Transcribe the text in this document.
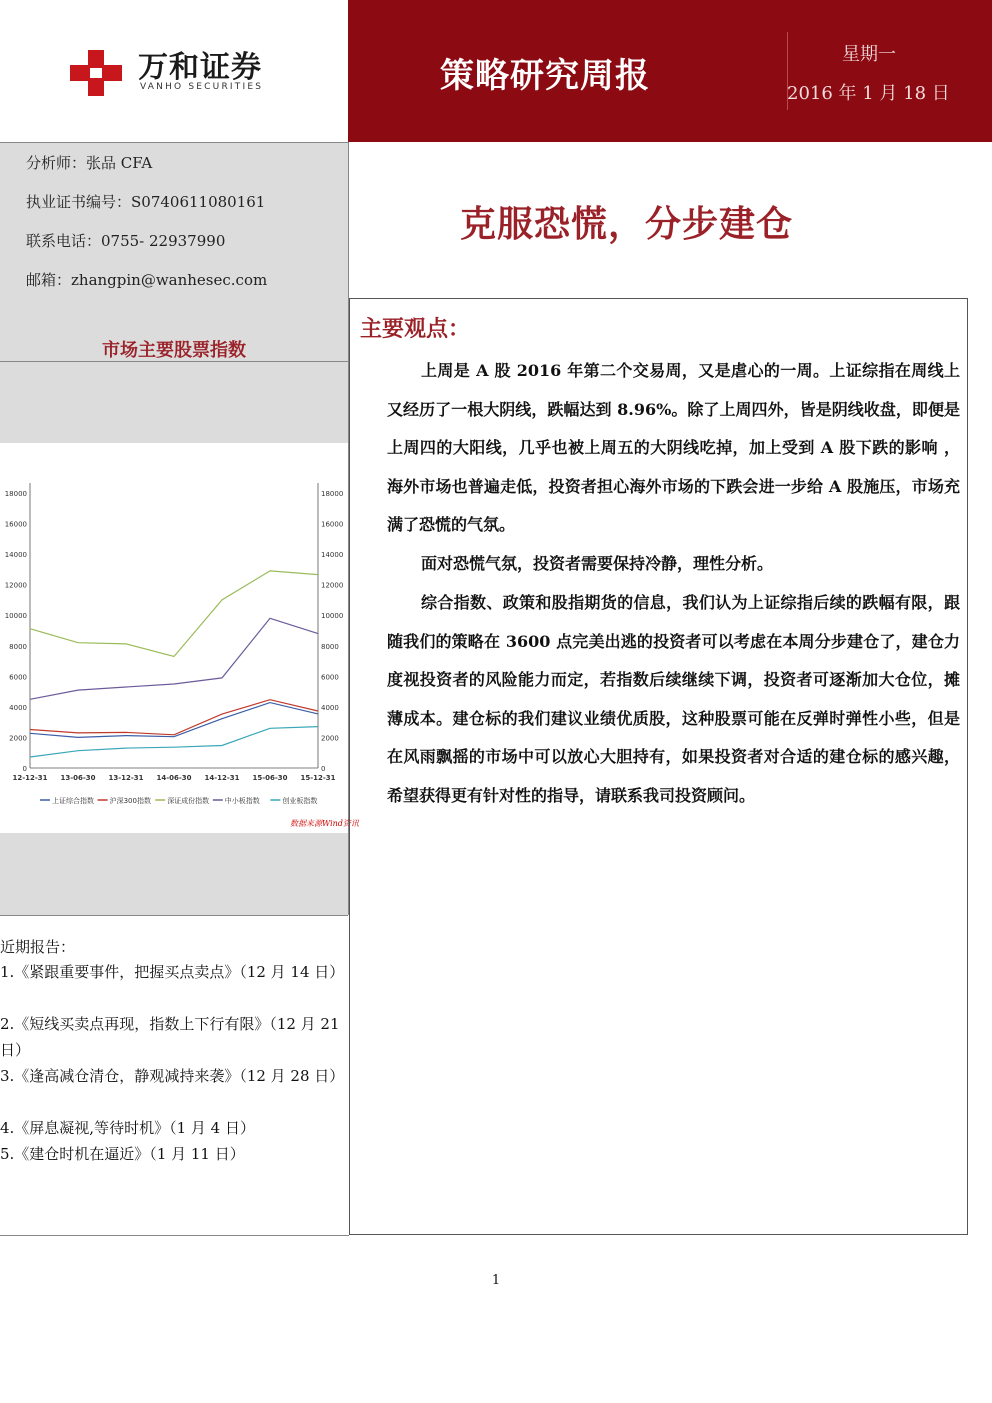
万和证券
VANHO SECURITIES	策略研究周报
星期一
2016 年 1 月 18 日
分析师：张品 CFA
执业证书编号：S0740611080161
联系电话：0755- 22937990
邮箱：zhangpin@wanhesec.com
克服恐慌，分步建仓
市场主要股票指数
18000	18000
16000	16000
14000	14000
12000	12000
10000	10000
8000	8000
6000	6000
4000	4000
2000	2000
0	0
12-12-31 13-06-30 13-12-31 14-06-30 14-12-31 15-06-30 15-12-31
上证综合指数 沪深300指数 深证成份指数 中小板指数	创业板指数
数据来源Wind资讯
近期报告：
1.《紧跟重要事件，把握买点卖点》（12 月 14 日）
2.《短线买卖点再现，指数上下行有限》（12 月 21 日）
3.《逢高减仓清仓，静观减持来袭》（12 月 28 日）
4.《屏息凝视,等待时机》（1 月 4 日）
5.《建仓时机在逼近》（1 月 11 日）
主要观点：
上周是 A 股 2016 年第二个交易周，又是虐心的一周。上证综指在周线上又经历了一根大阴线，跌幅达到 8.96%。除了上周四外，皆是阴线收盘，即便是上周四的大阳线，几乎也被上周五的大阴线吃掉，加上受到 A 股下跌的影响 ，海外市场也普遍走低，投资者担心海外市场的下跌会进一步给 A 股施压，市场充满了恐慌的气氛。
面对恐慌气氛，投资者需要保持冷静，理性分析。
综合指数、政策和股指期货的信息，我们认为上证综指后续的跌幅有限，跟随我们的策略在 3600 点完美出逃的投资者可以考虑在本周分步建仓了，建仓力度视投资者的风险能力而定，若指数后续继续下调，投资者可逐渐加大仓位，摊薄成本。建仓标的我们建议业绩优质股，这种股票可能在反弹时弹性小些，但是在风雨飘摇的市场中可以放心大胆持有，如果投资者对合适的建仓标的感兴趣，希望获得更有针对性的指导，请联系我司投资顾问。
1
